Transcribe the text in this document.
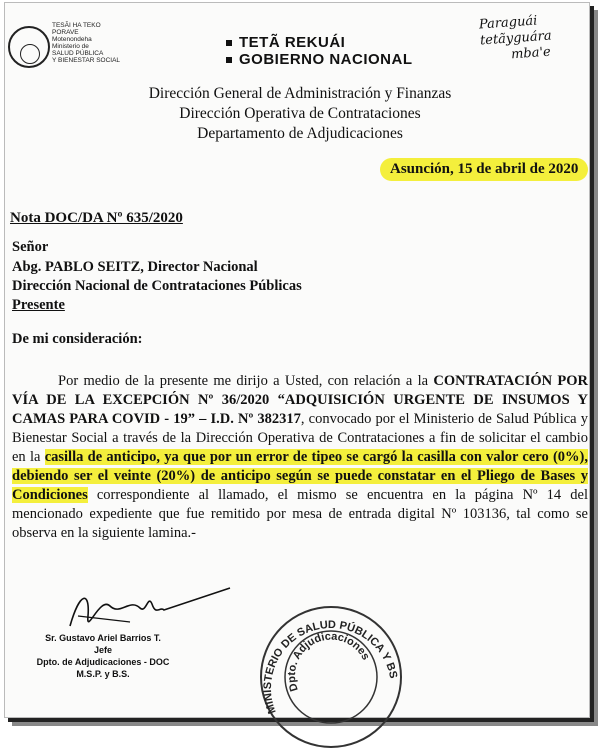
TESÃI HA TEKO
PORAVE
Motenondeha
Ministerio de
SALUD PÚBLICA
Y BIENESTAR SOCIAL
TETÃ REKUÁI
GOBIERNO NACIONAL
Paraguái
tetãyguára
mba'e
Dirección General de Administración y Finanzas
Dirección Operativa de Contrataciones
Departamento de Adjudicaciones
Asunción, 15 de abril de 2020
Nota DOC/DA Nº 635/2020
Señor
Abg. PABLO SEITZ, Director Nacional
Dirección Nacional de Contrataciones Públicas
Presente
De mi consideración:
Por medio de la presente me dirijo a Usted, con relación a la CONTRATACIÓN POR VÍA DE LA EXCEPCIÓN Nº 36/2020 “ADQUISICIÓN URGENTE DE INSUMOS Y CAMAS PARA COVID - 19” – I.D. Nº 382317, convocado por el Ministerio de Salud Pública y Bienestar Social a través de la Dirección Operativa de Contrataciones a fin de solicitar el cambio en la casilla de anticipo, ya que por un error de tipeo se cargó la casilla con valor cero (0%), debiendo ser el veinte (20%) de anticipo según se puede constatar en el Pliego de Bases y Condiciones correspondiente al llamado, el mismo se encuentra en la página Nº 14 del mencionado expediente que fue remitido por mesa de entrada digital Nº 103136, tal como se observa en la siguiente lamina.-
Sr. Gustavo Ariel Barrios T.
Jefe
Dpto. de Adjudicaciones - DOC
M.S.P. y B.S.
MINISTERIO DE SALUD PÚBLICA Y BS
Dpto. Adjudicaciones
